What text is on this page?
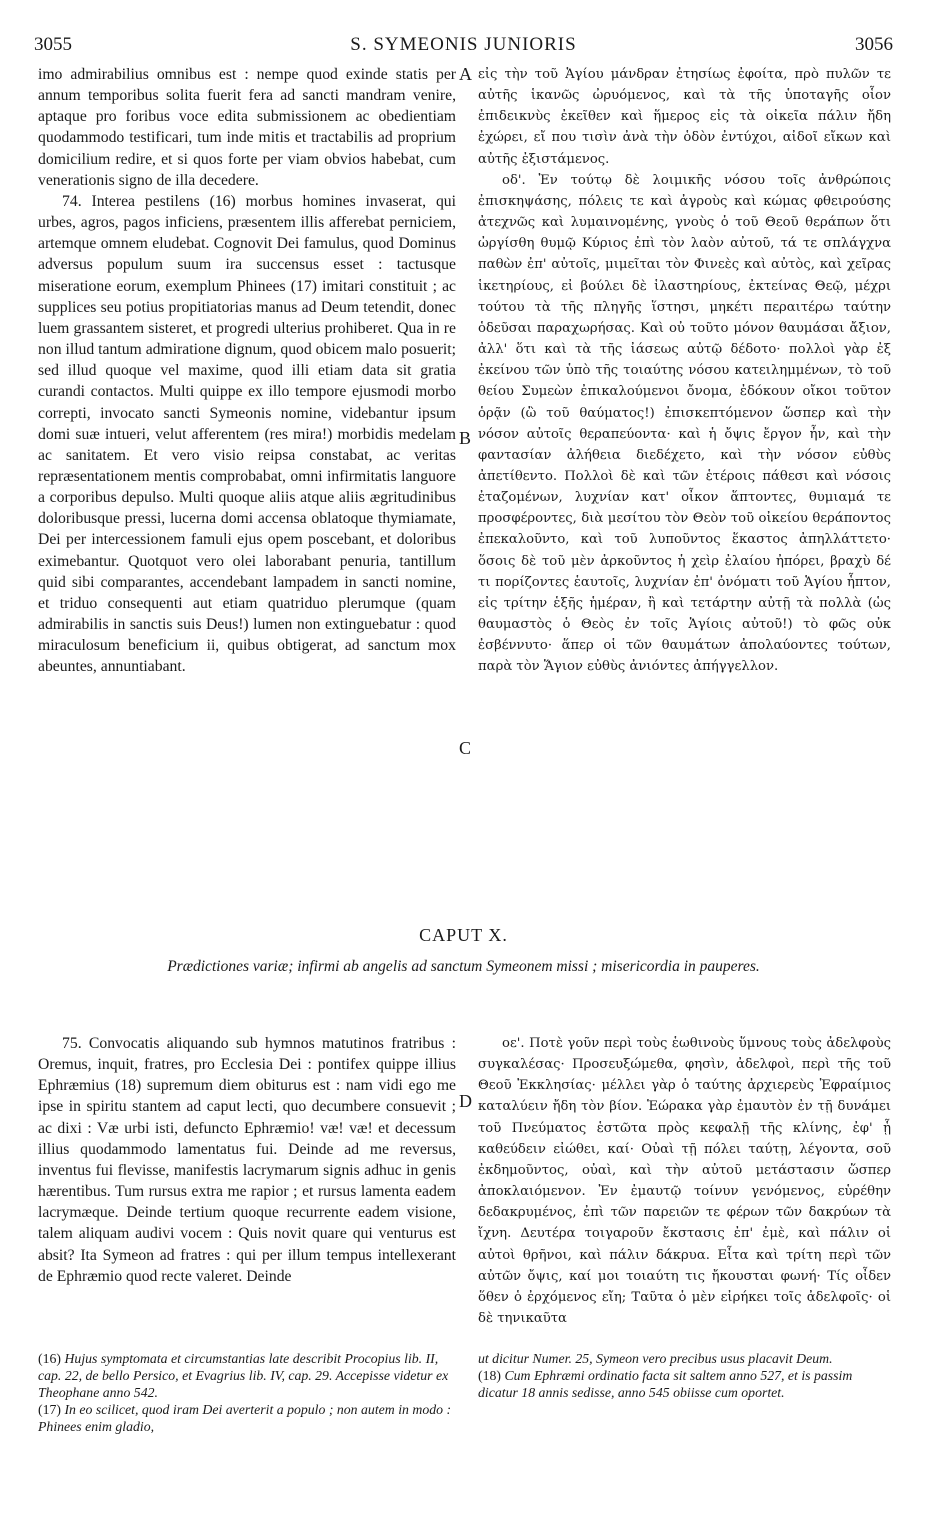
3055	S. SYMEONIS JUNIORIS	3056

imo admirabilius omnibus est : nempe quod exinde statis per annum temporibus solita fuerit fera ad sancti mandram venire, aptaque pro foribus voce edita submissionem ac obedientiam quodammodo testificari, tum inde mitis et tractabilis ad proprium domicilium redire, et si quos forte per viam obvios habebat, cum venerationis signo de illa decedere.

74. Interea pestilens (16) morbus homines invaserat, qui urbes, agros, pagos inficiens, præsentem illis afferebat perniciem, artemque omnem eludebat. Cognovit Dei famulus, quod Dominus adversus populum suum ira succensus esset : tactusque miseratione eorum, exemplum Phinees (17) imitari constituit ; ac supplices seu potius propitiatorias manus ad Deum tetendit, donec luem grassantem sisteret, et progredi ulterius prohiberet. Qua in re non illud tantum admiratione dignum, quod obicem malo posuerit; sed illud quoque vel maxime, quod illi etiam data sit gratia curandi contactos. Multi quippe ex illo tempore ejusmodi morbo correpti, invocato sancti Symeonis nomine, videbantur ipsum domi suæ intueri, velut afferentem (res mira!) morbidis medelam ac sanitatem. Et vero visio reipsa constabat, ac veritas repræsentationem mentis comprobabat, omni infirmitatis languore a corporibus depulso. Multi quoque aliis atque aliis ægritudinibus doloribusque pressi, lucerna domi accensa oblatoque thymiamate, Dei per intercessionem famuli ejus opem poscebant, et doloribus eximebantur. Quotquot vero olei laborabant penuria, tantillum quid sibi comparantes, accendebant lampadem in sancti nomine, et triduo consequenti aut etiam quatriduo plerumque (quam admirabilis in sanctis suis Deus!) lumen non extinguebatur : quod miraculosum beneficium ii, quibus obtigerat, ad sanctum mox abeuntes, annuntiabant.

εἰς τὴν τοῦ Ἁγίου μάνδραν ἐτησίως ἐφοίτα, πρὸ πυλῶν τε αὐτῆς ἱκανῶς ὠρυόμενος, καὶ τὰ τῆς ὑποταγῆς οἷον ἐπιδεικνὺς ἐκεῖθεν καὶ ἥμερος εἰς τὰ οἰκεῖα πάλιν ἤδη ἐχώρει, εἴ που τισὶν ἀνὰ τὴν ὁδὸν ἐντύχοι, αἰδοῖ εἴκων καὶ αὐτῆς ἐξιστάμενος.

οδ'. Ἐν τούτῳ δὲ λοιμικῆς νόσου τοῖς ἀνθρώποις ἐπισκηψάσης, πόλεις τε καὶ ἀγροὺς καὶ κώμας φθειρούσης ἀτεχνῶς καὶ λυμαινομένης, γνοὺς ὁ τοῦ Θεοῦ θεράπων ὅτι ὠργίσθη θυμῷ Κύριος ἐπὶ τὸν λαὸν αὐτοῦ, τά τε σπλάγχνα παθὼν ἐπ' αὐτοῖς, μιμεῖται τὸν Φινεὲς καὶ αὐτὸς, καὶ χεῖρας ἱκετηρίους, εἰ βούλει δὲ ἱλαστηρίους, ἐκτείνας Θεῷ, μέχρι τούτου τὰ τῆς πληγῆς ἵστησι, μηκέτι περαιτέρω ταύτην ὁδεῦσαι παραχωρήσας. Καὶ οὐ τοῦτο μόνον θαυμάσαι ἄξιον, ἀλλ' ὅτι καὶ τὰ τῆς ἰάσεως αὐτῷ δέδοτο· πολλοὶ γὰρ ἐξ ἐκείνου τῶν ὑπὸ τῆς τοιαύτης νόσου κατειλημμένων, τὸ τοῦ θείου Συμεὼν ἐπικαλούμενοι ὄνομα, ἐδόκουν οἴκοι τοῦτον ὁρᾷν (ὢ τοῦ θαύματος!) ἐπισκεπτόμενον ὥσπερ καὶ τὴν νόσον αὐτοῖς θεραπεύοντα· καὶ ἡ ὄψις ἔργον ἦν, καὶ τὴν φαντασίαν ἀλήθεια διεδέχετο, καὶ τὴν νόσον εὐθὺς ἀπετίθεντο. Πολλοὶ δὲ καὶ τῶν ἑτέροις πάθεσι καὶ νόσοις ἐταζομένων, λυχνίαν κατ' οἶκον ἅπτοντες, θυμιαμά τε προσφέροντες, διὰ μεσίτου τὸν Θεὸν τοῦ οἰκείου θεράποντος ἐπεκαλοῦντο, καὶ τοῦ λυποῦντος ἕκαστος ἀπηλλάττετο· ὅσοις δὲ τοῦ μὲν ἀρκοῦντος ἡ χεὶρ ἐλαίου ἠπόρει, βραχὺ δέ τι πορίζοντες ἑαυτοῖς, λυχνίαν ἐπ' ὀνόματι τοῦ Ἁγίου ἧπτον, εἰς τρίτην ἑξῆς ἡμέραν, ἢ καὶ τετάρτην αὐτῇ τὰ πολλὰ (ὡς θαυμαστὸς ὁ Θεὸς ἐν τοῖς Ἁγίοις αὐτοῦ!) τὸ φῶς οὐκ ἐσβέννυτο· ἅπερ οἱ τῶν θαυμάτων ἀπολαύοντες τούτων, παρὰ τὸν Ἅγιον εὐθὺς ἀνιόντες ἀπήγγελλον.

A
B
C
D
CAPUT X.
Prædictiones variæ; infirmi ab angelis ad sanctum Symeonem missi ; misericordia in pauperes.

75. Convocatis aliquando sub hymnos matutinos fratribus : Oremus, inquit, fratres, pro Ecclesia Dei : pontifex quippe illius Ephræmius (18) supremum diem obiturus est : nam vidi ego me ipse in spiritu stantem ad caput lecti, quo decumbere consuevit ; ac dixi : Væ urbi isti, defuncto Ephræmio! væ! væ! et decessum illius quodammodo lamentatus fui. Deinde ad me reversus, inventus fui flevisse, manifestis lacrymarum signis adhuc in genis hærentibus. Tum rursus extra me rapior ; et rursus lamenta eadem lacrymæque. Deinde tertium quoque recurrente eadem visione, talem aliquam audivi vocem : Quis novit quare qui venturus est absit? Ita Symeon ad fratres : qui per illum tempus intellexerant de Ephræmio quod recte valeret. Deinde

οε'. Ποτὲ γοῦν περὶ τοὺς ἑωθινοὺς ὕμνους τοὺς ἀδελφοὺς συγκαλέσας· Προσευξώμεθα, φησὶν, ἀδελφοὶ, περὶ τῆς τοῦ Θεοῦ Ἐκκλησίας· μέλλει γὰρ ὁ ταύτης ἀρχιερεὺς Ἐφραίμιος καταλύειν ἤδη τὸν βίον. Ἑώρακα γὰρ ἐμαυτὸν ἐν τῇ δυνάμει τοῦ Πνεύματος ἑστῶτα πρὸς κεφαλῇ τῆς κλίνης, ἐφ' ᾗ καθεύδειν εἰώθει, καί· Οὐαὶ τῇ πόλει ταύτῃ, λέγοντα, σοῦ ἐκδημοῦντος, οὐαὶ, καὶ τὴν αὐτοῦ μετάστασιν ὥσπερ ἀποκλαιόμενον. Ἐν ἐμαυτῷ τοίνυν γενόμενος, εὑρέθην δεδακρυμένος, ἐπὶ τῶν παρειῶν τε φέρων τῶν δακρύων τὰ ἴχνη. Δευτέρα τοιγαροῦν ἔκστασις ἐπ' ἐμὲ, καὶ πάλιν οἱ αὐτοὶ θρῆνοι, καὶ πάλιν δάκρυα. Εἶτα καὶ τρίτη περὶ τῶν αὐτῶν ὄψις, καί μοι τοιαύτη τις ἤκουσται φωνή· Τίς οἶδεν ὅθεν ὁ ἐρχόμενος εἴη; Ταῦτα ὁ μὲν εἰρήκει τοῖς ἀδελφοῖς· οἱ δὲ τηνικαῦτα

(16) Hujus symptomata et circumstantias late describit Procopius lib. II, cap. 22, de bello Persico, et Evagrius lib. IV, cap. 29. Accepisse videtur ex Theophane anno 542.
(17) In eo scilicet, quod iram Dei averterit a populo ; non autem in modo : Phinees enim gladio,
ut dicitur Numer. 25, Symeon vero precibus usus placavit Deum.
(18) Cum Ephræmi ordinatio facta sit saltem anno 527, et is passim dicatur 18 annis sedisse, anno 545 obiisse cum oportet.
